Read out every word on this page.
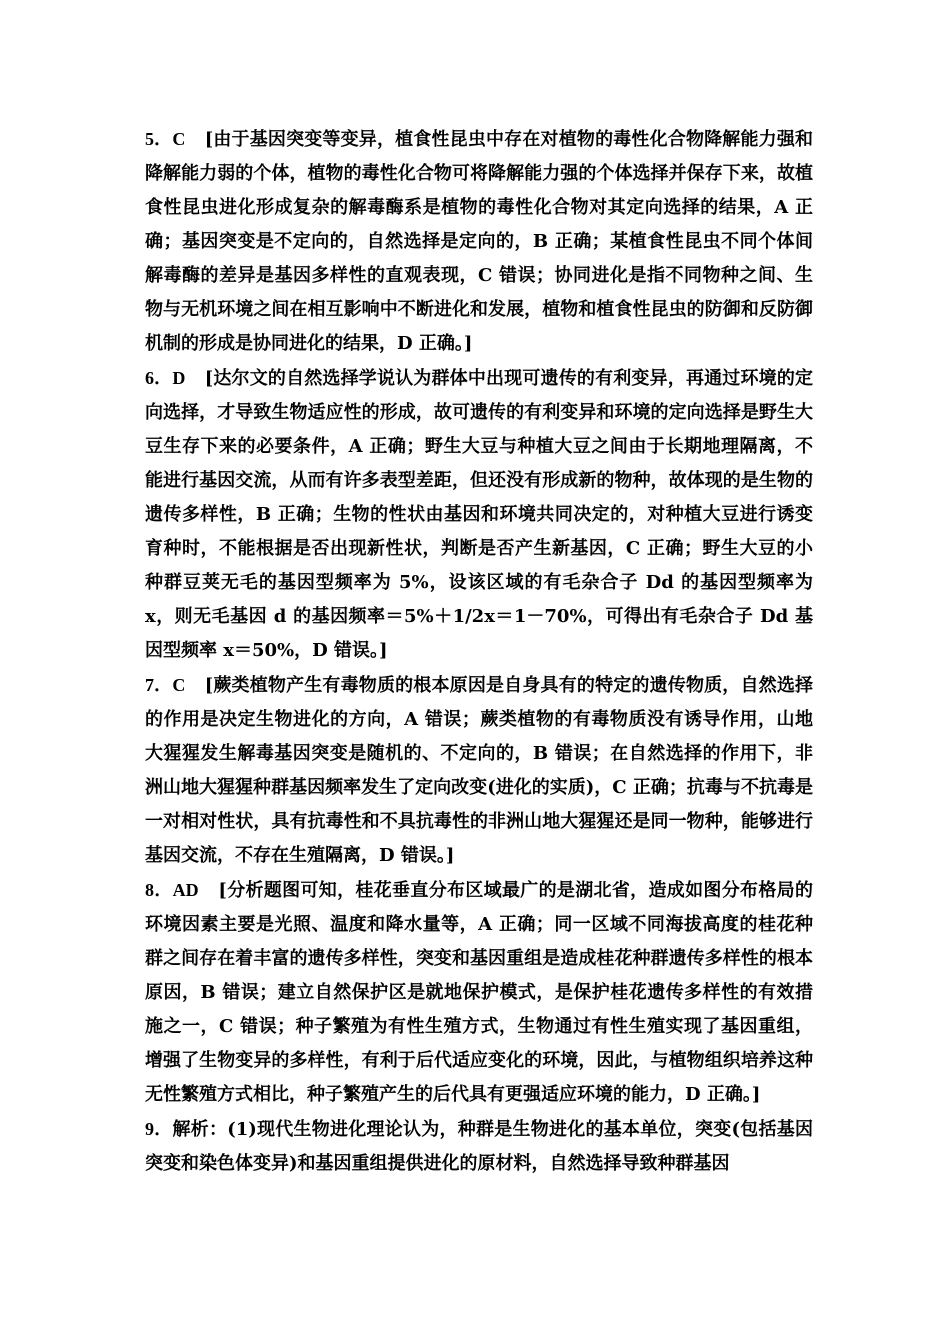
5．C [由于基因突变等变异，植食性昆虫中存在对植物的毒性化合物降解能力强和降解能力弱的个体，植物的毒性化合物可将降解能力强的个体选择并保存下来，故植食性昆虫进化形成复杂的解毒酶系是植物的毒性化合物对其定向选择的结果，A 正确；基因突变是不定向的，自然选择是定向的，B 正确；某植食性昆虫不同个体间解毒酶的差异是基因多样性的直观表现，C 错误；协同进化是指不同物种之间、生物与无机环境之间在相互影响中不断进化和发展，植物和植食性昆虫的防御和反防御机制的形成是协同进化的结果，D 正确。]

6．D [达尔文的自然选择学说认为群体中出现可遗传的有利变异，再通过环境的定向选择，才导致生物适应性的形成，故可遗传的有利变异和环境的定向选择是野生大豆生存下来的必要条件，A 正确；野生大豆与种植大豆之间由于长期地理隔离，不能进行基因交流，从而有许多表型差距，但还没有形成新的物种，故体现的是生物的遗传多样性，B 正确；生物的性状由基因和环境共同决定的，对种植大豆进行诱变育种时，不能根据是否出现新性状，判断是否产生新基因，C 正确；野生大豆的小种群豆荚无毛的基因型频率为 5%，设该区域的有毛杂合子 Dd 的基因型频率为 x，则无毛基因 d 的基因频率＝5%＋1/2x＝1－70%，可得出有毛杂合子 Dd 基因型频率 x＝50%，D 错误。]

7．C [蕨类植物产生有毒物质的根本原因是自身具有的特定的遗传物质，自然选择的作用是决定生物进化的方向，A 错误；蕨类植物的有毒物质没有诱导作用，山地大猩猩发生解毒基因突变是随机的、不定向的，B 错误；在自然选择的作用下，非洲山地大猩猩种群基因频率发生了定向改变(进化的实质)，C 正确；抗毒与不抗毒是一对相对性状，具有抗毒性和不具抗毒性的非洲山地大猩猩还是同一物种，能够进行基因交流，不存在生殖隔离，D 错误。]

8．AD [分析题图可知，桂花垂直分布区域最广的是湖北省，造成如图分布格局的环境因素主要是光照、温度和降水量等，A 正确；同一区域不同海拔高度的桂花种群之间存在着丰富的遗传多样性，突变和基因重组是造成桂花种群遗传多样性的根本原因，B 错误；建立自然保护区是就地保护模式，是保护桂花遗传多样性的有效措施之一，C 错误；种子繁殖为有性生殖方式，生物通过有性生殖实现了基因重组，增强了生物变异的多样性，有利于后代适应变化的环境，因此，与植物组织培养这种无性繁殖方式相比，种子繁殖产生的后代具有更强适应环境的能力，D 正确。]

9．解析：(1)现代生物进化理论认为，种群是生物进化的基本单位，突变(包括基因突变和染色体变异)和基因重组提供进化的原材料，自然选择导致种群基因
